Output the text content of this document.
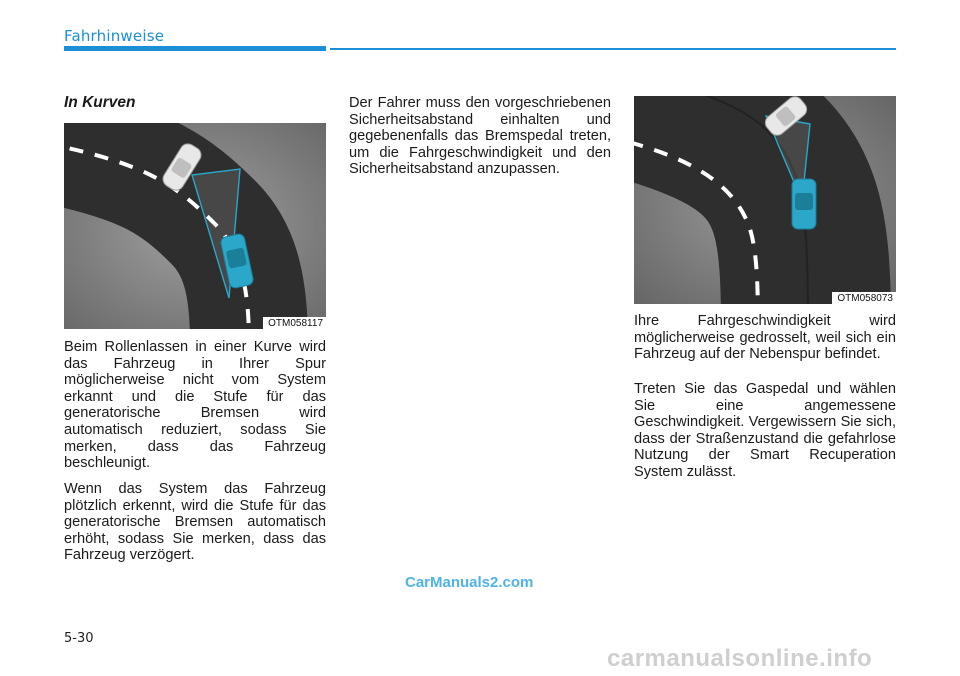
Fahrhinweise
In Kurven
OTM058117
OTM058073

Beim Rollenlassen in einer Kurve wird das Fahrzeug in Ihrer Spur möglicherweise nicht vom System erkannt und die Stufe für das generatorische Bremsen wird automatisch reduziert, sodass Sie merken, dass das Fahrzeug beschleunigt.

Wenn das System das Fahrzeug plötzlich erkennt, wird die Stufe für das generatorische Bremsen automatisch erhöht, sodass Sie merken, dass das Fahrzeug verzögert.

Der Fahrer muss den vorgeschriebenen Sicherheitsabstand einhalten und gegebenenfalls das Bremspedal treten, um die Fahrgeschwindigkeit und den Sicherheitsabstand anzupassen.

Ihre Fahrgeschwindigkeit wird möglicherweise gedrosselt, weil sich ein Fahrzeug auf der Nebenspur befindet.

Treten Sie das Gaspedal und wählen Sie eine angemessene Geschwindigkeit. Vergewissern Sie sich, dass der Straßenzustand die gefahrlose Nutzung der Smart Recuperation System zulässt.

CarManuals2.com
5-30
carmanualsonline.info
